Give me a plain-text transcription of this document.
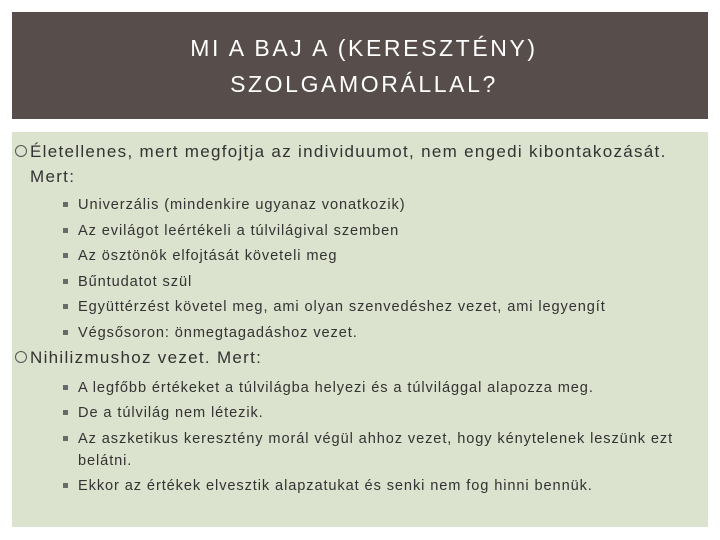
MI A BAJ A (KERESZTÉNY)
SZOLGAMORÁLLAL?
Életellenes, mert megfojtja az individuumot, nem engedi kibontakozását. Mert:
Univerzális (mindenkire ugyanaz vonatkozik)
Az evilágot leértékeli a túlvilágival szemben
Az ösztönök elfojtását követeli meg
Bűntudatot szül
Együttérzést követel meg, ami olyan szenvedéshez vezet, ami legyengít
Végsősoron: önmegtagadáshoz vezet.
Nihilizmushoz vezet. Mert:
A legfőbb értékeket a túlvilágba helyezi és a túlvilággal alapozza meg.
De a túlvilág nem létezik.
Az aszketikus keresztény morál végül ahhoz vezet, hogy kénytelenek leszünk ezt belátni.
Ekkor az értékek elvesztik alapzatukat és senki nem fog hinni bennük.
